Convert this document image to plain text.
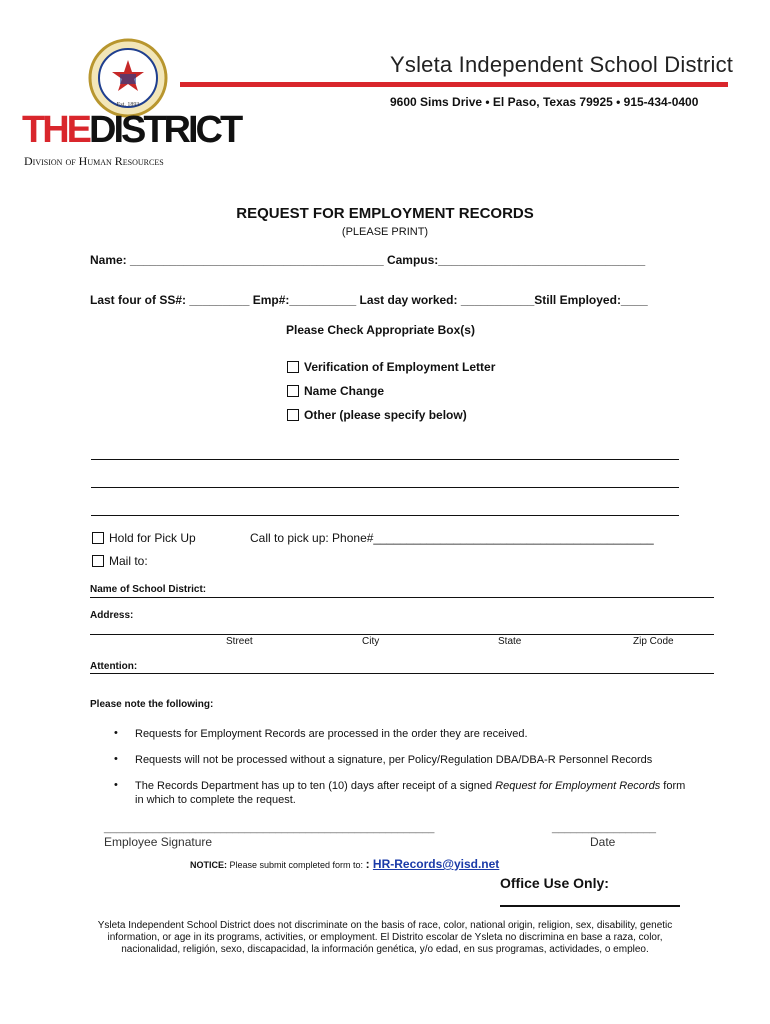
Est. 1893
Ysleta Independent School District
9600 Sims Drive • El Paso, Texas 79925 • 915-434-0400
THEDISTRICT
Division of Human Resources
REQUEST FOR EMPLOYMENT RECORDS
(PLEASE PRINT)
Name: ______________________________________ Campus:_______________________________
Last four of SS#: _________ Emp#:__________ Last day worked: ___________Still Employed:____
Please Check Appropriate Box(s)
Verification of Employment Letter
Name Change
Other (please specify below)
Hold for Pick Up	Call to pick up: Phone#__________________________________________
Mail to:
Name of School District:
Address:
Street	City	State	Zip Code
Attention:
Please note the following:
• Requests for Employment Records are processed in the order they are received.
• Requests will not be processed without a signature, per Policy/Regulation DBA/DBA-R Personnel Records
• The Records Department has up to ten (10) days after receipt of a signed Request for Employment Records form in which to complete the request.
______________________________________________________
Employee Signature
_________________
Date
NOTICE: Please submit completed form to: : HR-Records@yisd.net
Office Use Only:
Ysleta Independent School District does not discriminate on the basis of race, color, national origin, religion, sex, disability, genetic information, or age in its programs, activities, or employment. El Distrito escolar de Ysleta no discrimina en base a raza, color, nacionalidad, religión, sexo, discapacidad, la información genética, y/o edad, en sus programas, actividades, o empleo.
